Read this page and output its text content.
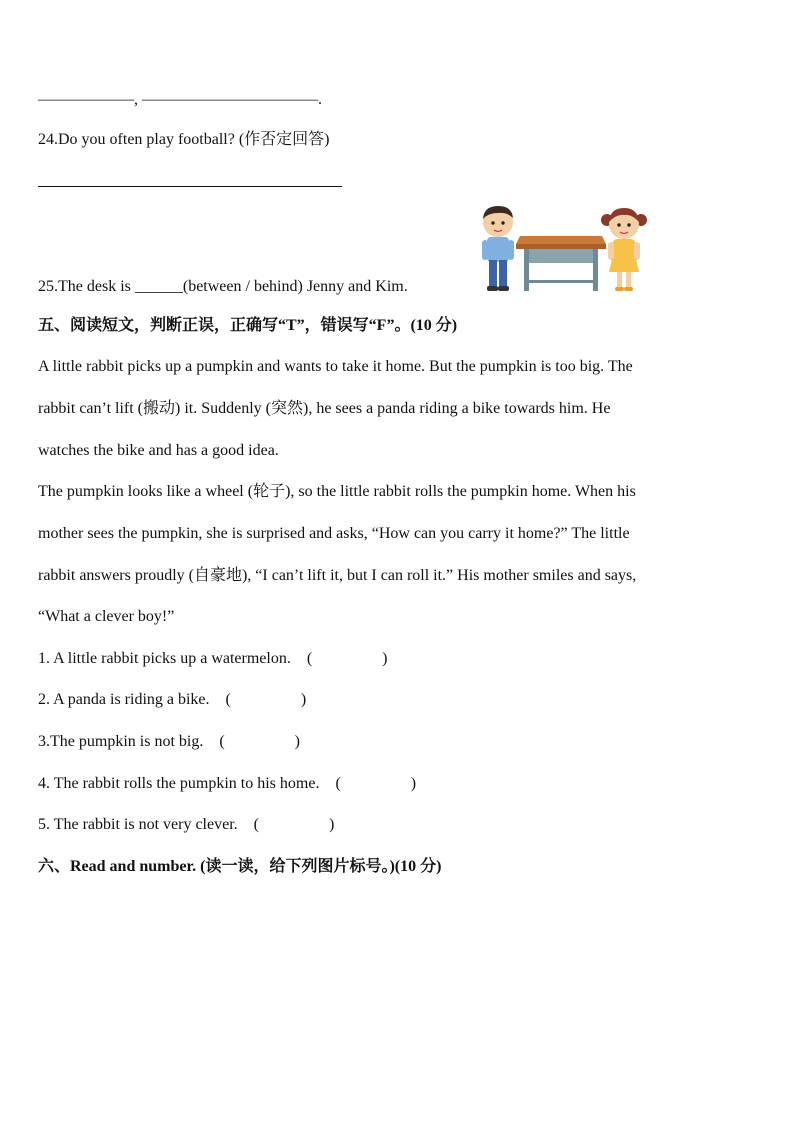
——————, ———————————.
24.Do you often play football? (作否定回答)
25.The desk is ______(between / behind) Jenny and Kim.
五、阅读短文，判断正误，正确写“T”，错误写“F”。(10 分)
A little rabbit picks up a pumpkin and wants to take it home. But the pumpkin is too big. The
rabbit can’t lift (搬动) it. Suddenly (突然), he sees a panda riding a bike towards him. He
watches the bike and has a good idea.
The pumpkin looks like a wheel (轮子), so the little rabbit rolls the pumpkin home. When his
mother sees the pumpkin, she is surprised and asks, “How can you carry it home?” The little
rabbit answers proudly (自豪地), “I can’t lift it, but I can roll it.” His mother smiles and says,
“What a clever boy!”
1. A little rabbit picks up a watermelon. (	)
2. A panda is riding a bike. (	)
3.The pumpkin is not big. (	)
4. The rabbit rolls the pumpkin to his home. (	)
5. The rabbit is not very clever. (	)
六、Read and number. (读一读，给下列图片标号。)(10 分)
